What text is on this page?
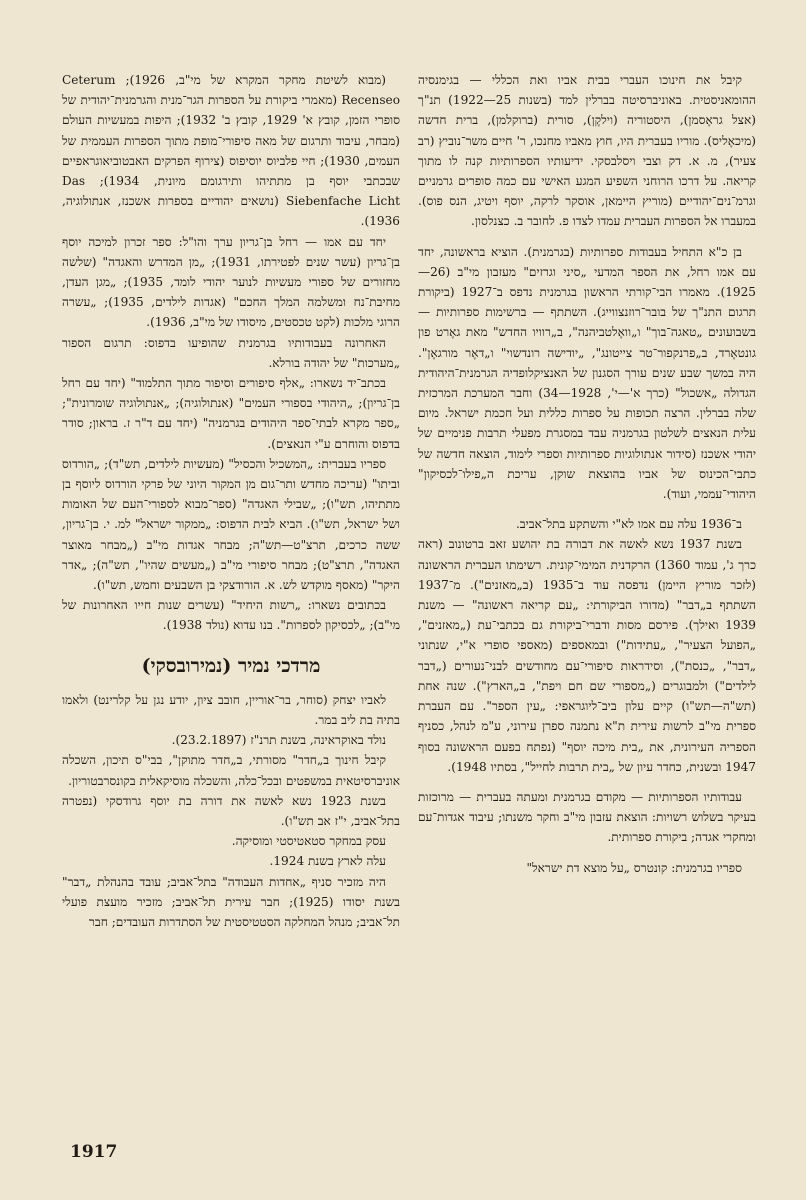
קיבל את חינוכו העברי בבית אביו ואת הכללי — בגימנסיה ההומאניסטית. באוניברסיטה בברלין למד (בשנות 25—1922) תנ"ך (אצל גראֶסמן), היסטוריה (וילקֶן), סורית (ברוקלמן), ברית חדשה (מיכאֶליס). מוריו בעברית היו, חוץ מאביו מחנכו, ר' חיים משר־נוביץ (רב צעיר), מ. א. דק וצבי ויסלבסקי. ידיעותיו הספרותיות קנה לו מתוך קריאה. על דרכו הרוחני השפיע המגע האישי עם כמה סופרים גרמניים וגרמ־נים־יהודיים (מוריץ היימאן, אוסקר לרקה, יוסף ויטיג, הנס פוס). במעברו אל הספרות העברית עמדו לצדו פ. לחובר ב. כצנלסון.

בן כ"א התחיל בעבודות ספרותיות (בגרמנית). הוציא בראשונה, יחד עם אמו רחל, את הספר המדעי „סיני וגרזים" מעזבון מי"ב (26—1925). מאמרו הבי־קורתי הראשון בגרמנית נדפס ב־1927 (ביקורת תרגום התנ"ך של בובר־רוזנצווייג). השתתף — ברשימות ספרותיות — בשבועונים „טאגה־בוך" ו„וואֶלטביהנה", ב„רוויו החדש" מאת גאֶרט פון גונטאֶרד, ב„פרנקפור־טר צייטונג", „יודישה רונדשוי" ו„דאֶר מורגאֶן". היה במשך שבע שנים עורך הסגנון של האנציקלופדיה הגרמנית־היהודית הגדולה „אשכול" (כרך א'—י', 1928—34) וחבר המערכת המרכזית שלה בברלין. הרצה תכופות על ספרות כללית ועל חכמת ישראל. מיום עלית הנאצים לשלטון בגרמניה עבד במסגרת מפעלי תרבות פנימיים של יהודי אשכנז (סידור אנתולוגיות ספרותיות וספרי לימוד, הוצאה חדשה של כתבי־הכינוס של אביו בהוצאת שוקן, עריכת ה„פילו־לכסיקון" היהודי־עממי, ועוד).

ב־1936 עלה עם אמו לא"י והשתקע בתל־אביב.

בשנת 1937 נשא לאשה את דבורה בת יהושע זאב ברטונוב (ראה כרך ג', עמוד 1360) הרקדנית המימי־קונית. רשימתו העברית הראשונה (לזכר מוריץ היימן) נדפסה עוד ב־1935 (ב„מאזנים"). מ־1937 השתתף ב„דבר" (מדורו הביקורתי: „עם קריאה ראשונה" — משנת 1939 ואילך). פירסם מסות ודברי־ביקורת גם בכתבי־עת („מאזנים", „הפועל הצעיר", „עתידות") ובמאספים (מאספי סופרי א"י, שנתוני „דבר", „כנסת"), וסידראות סיפורי־עם מחודשים לבני־נעורים („דבר לילדים") ולמבוגרים („מספורי שם חם ויפת", ב„הארץ"). שנה אחת (תש"ה—תש"ו) קיים עלון ביב־ליוגראפי: „עין הספר". עם העברת ספרית מי"ב לרשות עירית ת"א נתמנה ספרן עירוני, ע"מ לנהל, כסניף הספריה העירונית, את „בית מיכה יוסף" (נפתח בפעם הראשונה בסוף 1947 ובשנית, כחדר עיון של „בית תרבות לחייל", בסתיו 1948).

עבודותיו הספרותיות — מקודם בגרמנית ומעתה בעברית — מרוכזות בעיקר בשלוש רשויות: הוצאת עזבון מי"ב וחקר משנתו; עיבוד אגדות־עם ומחקרי אגדה; ביקורת ספרותית.

ספריו בגרמנית: קונטרס „על מוצא דת ישראל"

(מבוא לשיטת מחקר המקרא של מי"ב, 1926); Ceterum Recenseo (מאמרי ביקורת על הספרות הגר־מנית והגרמנית־יהודית של סופרי הזמן, קובץ א' 1929, קובץ ב' 1932); היפות במעשיות העולם (מבחר, עיבוד ותרגום של מאה סיפורי־מופת מתוך הספרות העממית של העמים, 1930); חיי פלביוס יוסיפוס (צירוף הפרקים האבטוביאוגראפיים שבכתבי יוסף בן מתתיהו ותירגומם מיונית, 1934); Das Siebenfache Licht (נושאים יהודיים בספרות אשכנז, אנתולוגיה, 1936).

יחד עם אמו — רחל בן־גריון ערך והו"ל: ספר זכרון למיכה יוסף בן־גריון (עשר שנים לפטירתו, 1931); „מן המדרש והאגדה" (שלשה מחזורים של ספורי מעשיות לנוער יהודי לומד, 1935); „מגן העדן, מחיבת־נח ומשלמה המלך החכם" (אגדות לילדים, 1935); „עשרה הרוגי מלכות (לקט טכסטים, מיסודו של מי"ב, 1936).

האחרונה בעבודותיו בגרמנית שהופיעו בדפוס: תרגום הספור „מערכות" של יהודה בורלא.

בכתב־יד נשארו: „אלף סיפורים וסיפור מתוך התלמוד" (יחד עם רחל בן־גריון); „היהודי בספורי העמים" (אנתולוגיה); „אנתולוגיה שומרונית"; „ספר מקרא לבתי־ספר היהודים בגרמניה" (יחד עם ד"ר ז. בראון; סודר בדפוס והוחרם ע"י הנאצים).

ספריו בעברית: „המשכיל והכסיל" (מעשיות לילדים, תש"ד); „הורדוס וביתו" (עריכה מחדש ותר־גום מן המקור היוני של פרקי הורדוס ליוסף בן מתתיהו, תש"ו); „שבילי האגדה" (ספר־מבוא לספורי־העם של האומות ושל ישראל, תש"ו). הביא לבית הדפוס: „ממקור ישראל" למ. י. בן־גריון, ששה כרכים, תרצ"ט—תש"ה; מבחר אגדות מי"ב („מבחר מאוצר האגדה", תרצ"ט); מבחר סיפורי מי"ב („מעשים שהיו", תש"ה); „אדר היקר" (מאסף מוקדש לש. א. הורודצקי בן השבעים וחמש, תש"ו).

בכתובים נשארו: „רשות היחיד" (עשרים שנות חייו האחרונות של מי"ב); „לכסיקון לספרות". בנו עדוא (נולד 1938).

מרדכי נמיר (נמירובסקי)

לאביו יצחק (סוחר, בר־אוריין, חובב ציון, יודע נגן על קלרינט) ולאמו בתיה בת ליב במר.

נולד באוקראינה, בשנת תרנ"ז (23.2.1897).

קיבל חינוך ב„חדר" מסורתי, ב„חדר מתוקן", בבי"ס תיכון, השכלה אוניברסיטאית במשפטים ובכל־כלה, והשכלה מוסיקאלית בקונסרבטוריון.

בשנת 1923 נשא לאשה את דורה בת יוסף גרודסקי (נפטרה בתל־אביב, י"ז אב תש"ו).

עסק במחקר סטאטיסטי ומוסיקה.

עלה לארץ בשנת 1924.

היה מזכיר סניף „אחדות העבודה" בתל־אביב; עובד בהנהלת „דבר" בשנת יסודו (1925); חבר עירית תל־אביב; מזכיר מועצת פועלי תל־אביב; מנהל המחלקה הסטטיסטית של הסתדרות העובדים; חבר

1917
